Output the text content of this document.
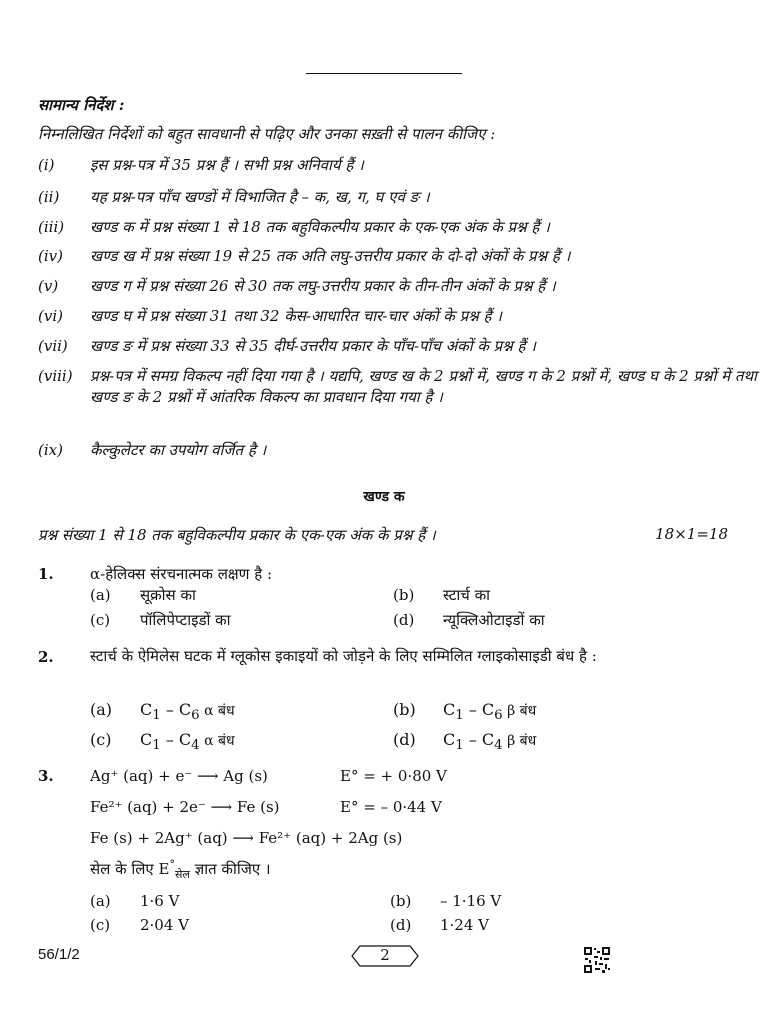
सामान्य निर्देश :
निम्नलिखित निर्देशों को बहुत सावधानी से पढ़िए और उनका सख़्ती से पालन कीजिए :
(i)	इस प्रश्न-पत्र में 35 प्रश्न हैं । सभी प्रश्न अनिवार्य हैं ।
(ii)	यह प्रश्न-पत्र पाँच खण्डों में विभाजित है – क, ख, ग, घ एवं ङ ।
(iii)	खण्ड क में प्रश्न संख्या 1 से 18 तक बहुविकल्पीय प्रकार के एक-एक अंक के प्रश्न हैं ।
(iv)	खण्ड ख में प्रश्न संख्या 19 से 25 तक अति लघु-उत्तरीय प्रकार के दो-दो अंकों के प्रश्न हैं ।
(v)	खण्ड ग में प्रश्न संख्या 26 से 30 तक लघु-उत्तरीय प्रकार के तीन-तीन अंकों के प्रश्न हैं ।
(vi)	खण्ड घ में प्रश्न संख्या 31 तथा 32 केस-आधारित चार-चार अंकों के प्रश्न हैं ।
(vii)	खण्ड ङ में प्रश्न संख्या 33 से 35 दीर्घ-उत्तरीय प्रकार के पाँच-पाँच अंकों के प्रश्न हैं ।
(viii)	प्रश्न-पत्र में समग्र विकल्प नहीं दिया गया है । यद्यपि, खण्ड ख के 2 प्रश्नों में, खण्ड ग के 2 प्रश्नों में, खण्ड घ के 2 प्रश्नों में तथा खण्ड ङ के 2 प्रश्नों में आंतरिक विकल्प का प्रावधान दिया गया है ।
(ix)	कैल्कुलेटर का उपयोग वर्जित है ।
खण्ड क
प्रश्न संख्या 1 से 18 तक बहुविकल्पीय प्रकार के एक-एक अंक के प्रश्न हैं ।	18×1=18
1. α-हेलिक्स संरचनात्मक लक्षण है :
(a) सूक्रोस का	(b) स्टार्च का
(c) पॉलिपेप्टाइडों का	(d) न्यूक्लिओटाइडों का
2. स्टार्च के ऐमिलेस घटक में ग्लूकोस इकाइयों को जोड़ने के लिए सम्मिलित ग्लाइकोसाइडी बंध है :
(a) $C_1 - C_6$ α बंध	(b) $C_1 - C_6$ β बंध
(c) $C_1 - C_4$ α बंध	(d) $C_1 - C_4$ β बंध
3. Ag⁺ (aq) + e⁻ ⟶ Ag (s)	E° = + 0·80 V
Fe²⁺ (aq) + 2e⁻ ⟶ Fe (s)	E° = – 0·44 V
Fe (s) + 2Ag⁺ (aq) ⟶ Fe²⁺ (aq) + 2Ag (s)
सेल के लिए $E^\circ_{सेल}$ ज्ञात कीजिए ।
(a) 1·6 V	(b) – 1·16 V
(c) 2·04 V	(d) 1·24 V
56/1/2	2
